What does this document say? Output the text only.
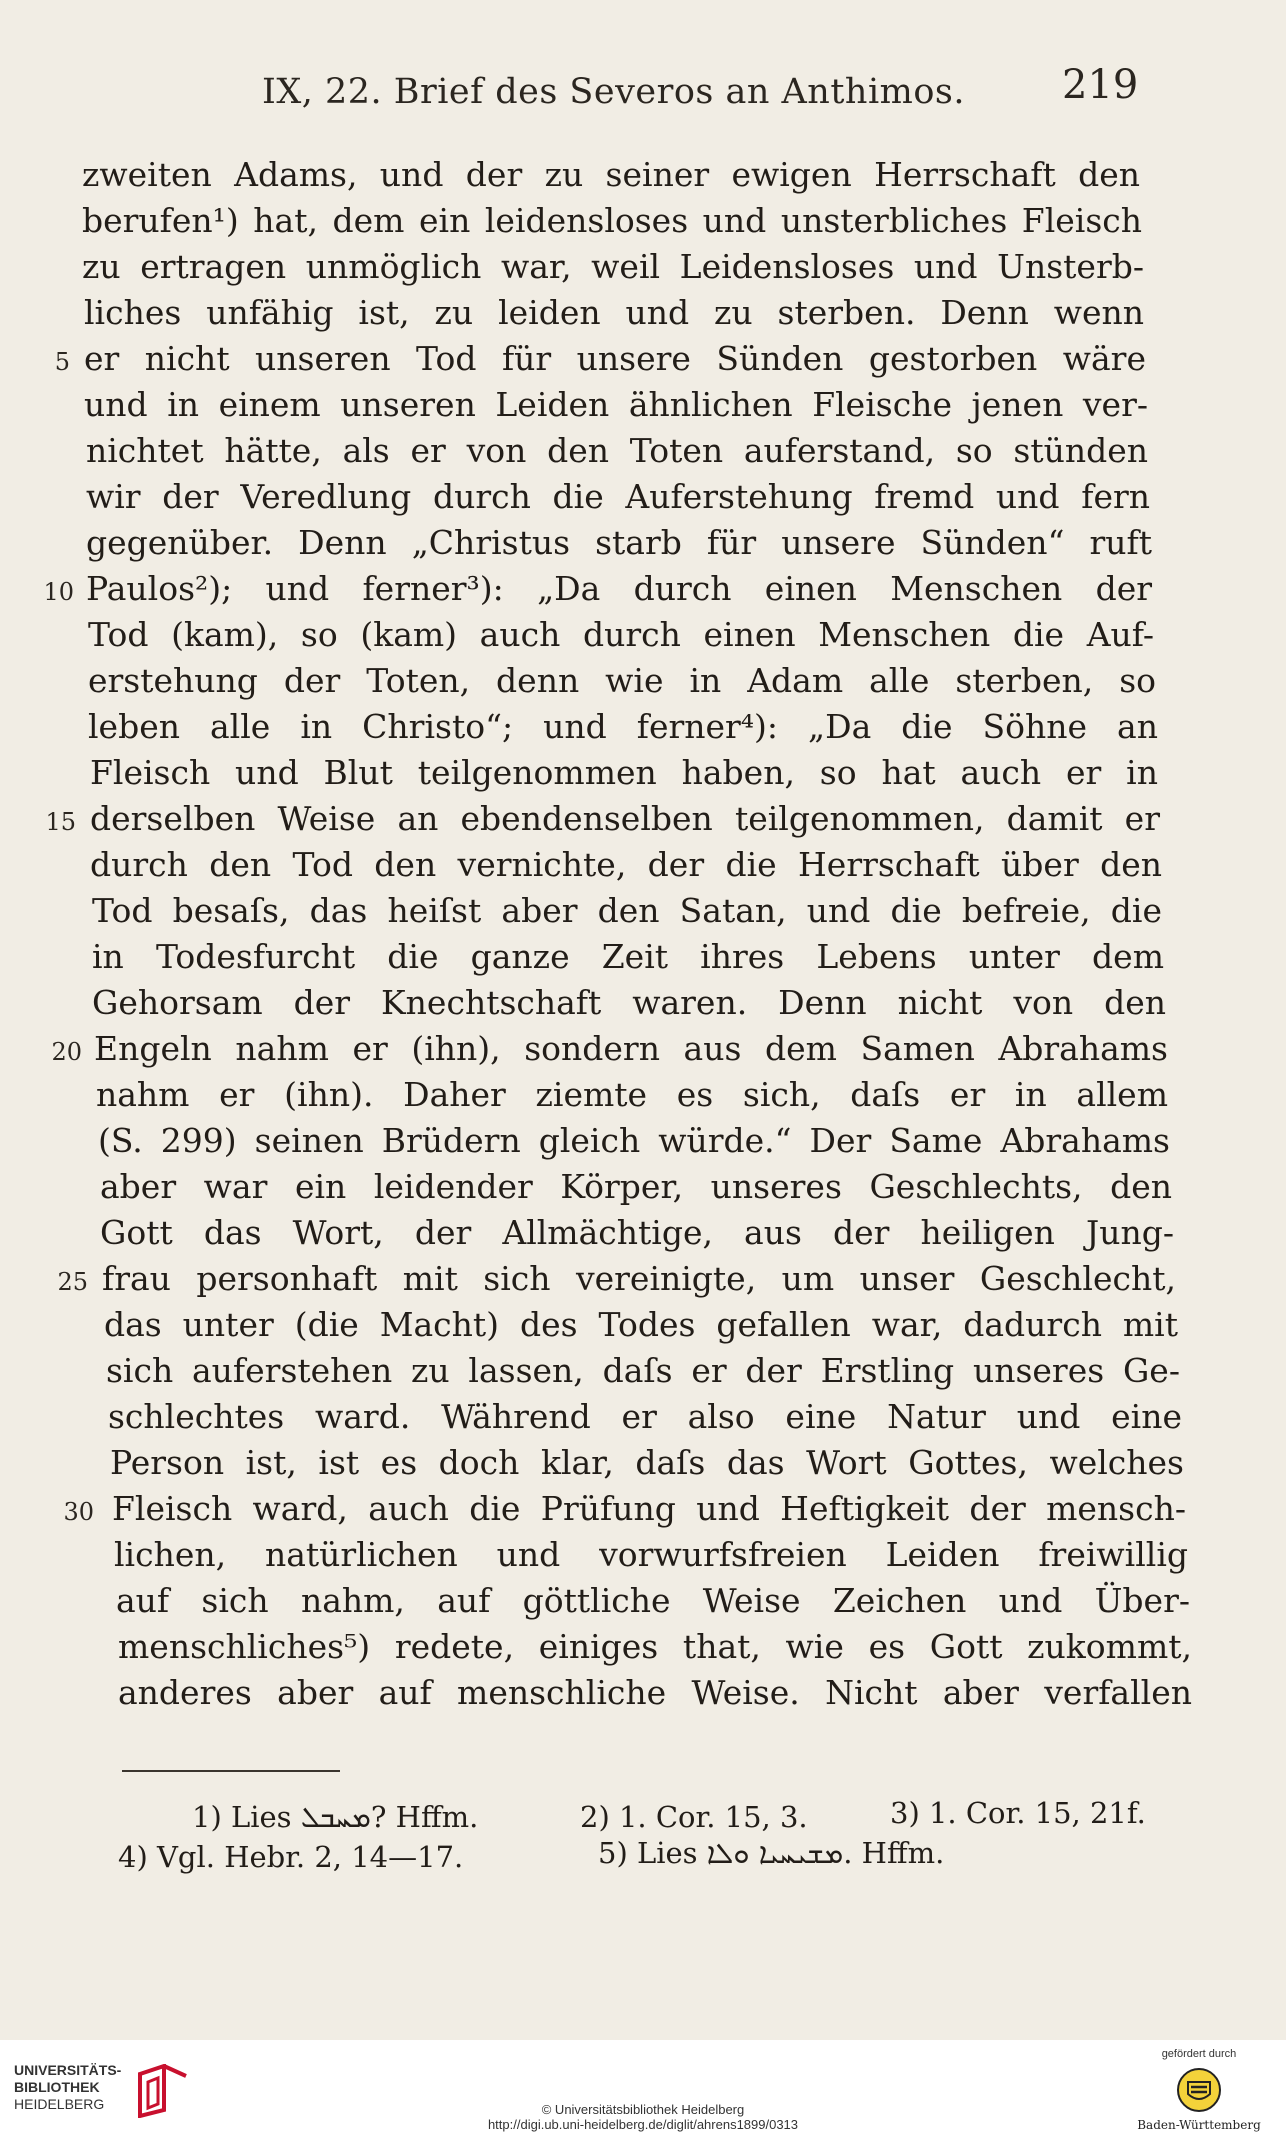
IX, 22. Brief des Severos an Anthimos. 219
zweiten Adams, und der zu seiner ewigen Herrschaft den
berufen¹) hat, dem ein leidensloses und unsterbliches Fleisch
zu ertragen unmöglich war, weil Leidensloses und Unsterb-
liches unfähig ist, zu leiden und zu sterben. Denn wenn
er nicht unseren Tod für unsere Sünden gestorben wäre
und in einem unseren Leiden ähnlichen Fleische jenen ver-
nichtet hätte, als er von den Toten auferstand, so stünden
wir der Veredlung durch die Auferstehung fremd und fern
gegenüber. Denn „Christus starb für unsere Sünden“ ruft
Paulos²); und ferner³): „Da durch einen Menschen der
Tod (kam), so (kam) auch durch einen Menschen die Auf-
erstehung der Toten, denn wie in Adam alle sterben, so
leben alle in Christo“; und ferner⁴): „Da die Söhne an
Fleisch und Blut teilgenommen haben, so hat auch er in
derselben Weise an ebendenselben teilgenommen, damit er
durch den Tod den vernichte, der die Herrschaft über den
Tod besaſs, das heiſst aber den Satan, und die befreie, die
in Todesfurcht die ganze Zeit ihres Lebens unter dem
Gehorsam der Knechtschaft waren. Denn nicht von den
Engeln nahm er (ihn), sondern aus dem Samen Abrahams
nahm er (ihn). Daher ziemte es sich, daſs er in allem
(S. 299) seinen Brüdern gleich würde.“ Der Same Abrahams
aber war ein leidender Körper, unseres Geschlechts, den
Gott das Wort, der Allmächtige, aus der heiligen Jung-
frau personhaft mit sich vereinigte, um unser Geschlecht,
das unter (die Macht) des Todes gefallen war, dadurch mit
sich auferstehen zu lassen, daſs er der Erstling unseres Ge-
schlechtes ward. Während er also eine Natur und eine
Person ist, ist es doch klar, daſs das Wort Gottes, welches
Fleisch ward, auch die Prüfung und Heftigkeit der mensch-
lichen, natürlichen und vorwurfsfreien Leiden freiwillig
auf sich nahm, auf göttliche Weise Zeichen und Über-
menschliches⁵) redete, einiges that, wie es Gott zukommt,
anderes aber auf menschliche Weise. Nicht aber verfallen
5
10
15
20
25
30
1) Lies ܡܚܒܠ? Hffm.	2) 1. Cor. 15, 3.	3) 1. Cor. 15, 21f.
4) Vgl. Hebr. 2, 14—17.	5) Lies ܡܫܝܚܝܐ ܘܠܐ. Hffm.
UNIVERSITÄTS-
BIBLIOTHEK
HEIDELBERG	© Universitätsbibliothek Heidelberg
http://digi.ub.uni-heidelberg.de/diglit/ahrens1899/0313
gefördert durch
Baden-Württemberg
